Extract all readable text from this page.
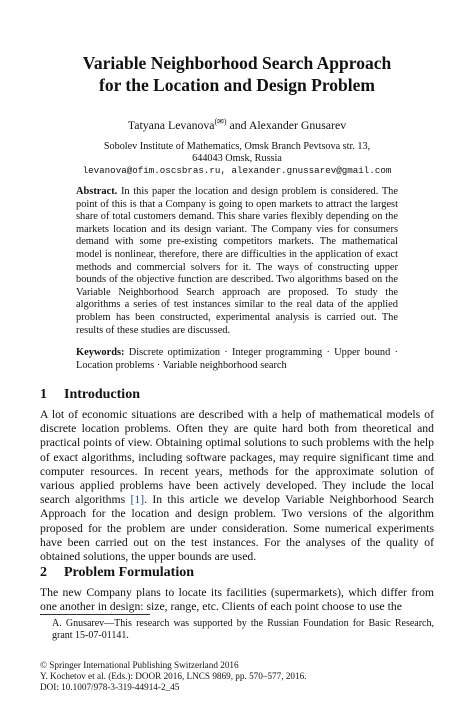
Variable Neighborhood Search Approach
for the Location and Design Problem
Tatyana Levanova(✉) and Alexander Gnusarev
Sobolev Institute of Mathematics, Omsk Branch Pevtsova str. 13,
644043 Omsk, Russia
levanova@ofim.oscsbras.ru, alexander.gnussarev@gmail.com
Abstract. In this paper the location and design problem is considered. The point of this is that a Company is going to open markets to attract the largest share of total customers demand. This share varies flexibly depending on the markets location and its design variant. The Company vies for consumers demand with some pre-existing competitors markets. The mathematical model is nonlinear, therefore, there are difficulties in the application of exact methods and commercial solvers for it. The ways of constructing upper bounds of the objective function are described. Two algorithms based on the Variable Neighborhood Search approach are proposed. To study the algorithms a series of test instances similar to the real data of the applied problem has been constructed, experimental analysis is carried out. The results of these studies are discussed.
Keywords: Discrete optimization · Integer programming · Upper bound · Location problems · Variable neighborhood search
1 Introduction
A lot of economic situations are described with a help of mathematical models of discrete location problems. Often they are quite hard both from theoretical and practical points of view. Obtaining optimal solutions to such problems with the help of exact algorithms, including software packages, may require significant time and computer resources. In recent years, methods for the approximate solution of various applied problems have been actively developed. They include the local search algorithms [1]. In this article we develop Variable Neighborhood Search Approach for the location and design problem. Two versions of the algorithm proposed for the problem are under consideration. Some numerical experiments have been carried out on the test instances. For the analyses of the quality of obtained solutions, the upper bounds are used.
2 Problem Formulation
The new Company plans to locate its facilities (supermarkets), which differ from one another in design: size, range, etc. Clients of each point choose to use the
A. Gnusarev—This research was supported by the Russian Foundation for Basic Research, grant 15-07-01141.
© Springer International Publishing Switzerland 2016
Y. Kochetov et al. (Eds.): DOOR 2016, LNCS 9869, pp. 570–577, 2016.
DOI: 10.1007/978-3-319-44914-2_45
